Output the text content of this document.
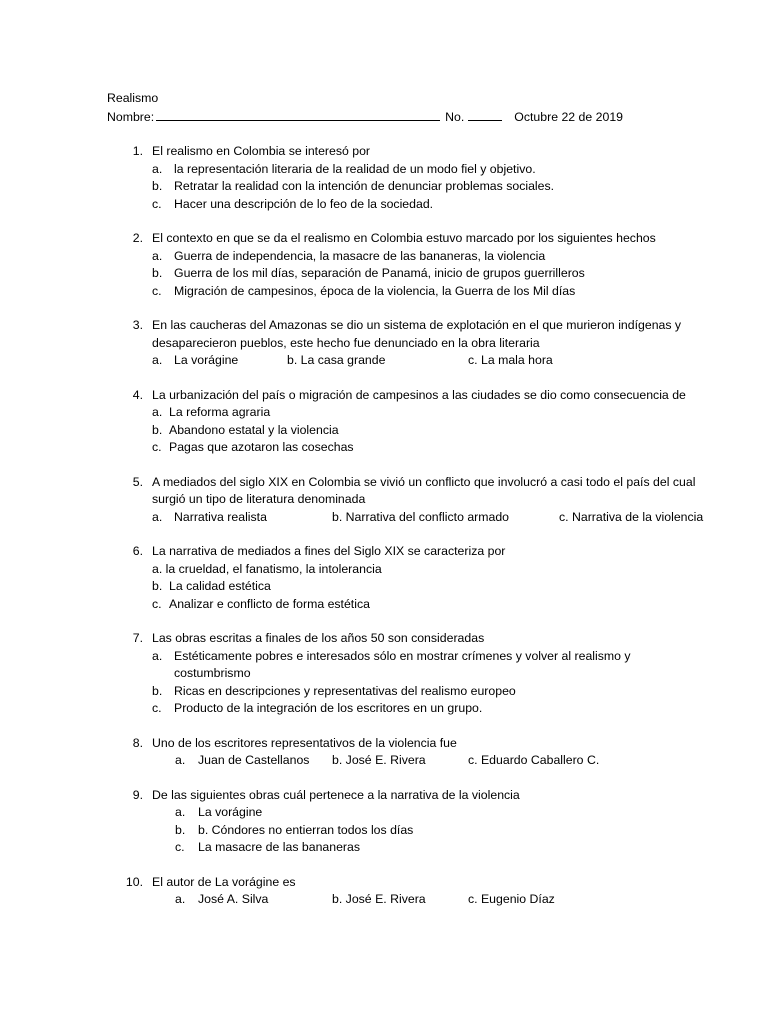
Realismo
Nombre:	No.	Octubre 22 de 2019
1. El realismo en Colombia se interesó por
a. la representación literaria de la realidad de un modo fiel y objetivo.
b. Retratar la realidad con la intención de denunciar problemas sociales.
c. Hacer una descripción de lo feo de la sociedad.
2. El contexto en que se da el realismo en Colombia estuvo marcado por los siguientes hechos
a. Guerra de independencia, la masacre de las bananeras, la violencia
b. Guerra de los mil días, separación de Panamá, inicio de grupos guerrilleros
c. Migración de campesinos, época de la violencia, la Guerra de los Mil días
3. En las caucheras del Amazonas se dio un sistema de explotación en el que murieron indígenas y
desaparecieron pueblos, este hecho fue denunciado en la obra literaria
a. La vorágine	b. La casa grande	c. La mala hora
4. La urbanización del país o migración de campesinos a las ciudades se dio como consecuencia de
a. La reforma agraria
b. Abandono estatal y la violencia
c. Pagas que azotaron las cosechas
5. A mediados del siglo XIX en Colombia se vivió un conflicto que involucró a casi todo el país del cual
surgió un tipo de literatura denominada
a. Narrativa realista	b. Narrativa del conflicto armado	c. Narrativa de la violencia
6. La narrativa de mediados a fines del Siglo XIX se caracteriza por
a. la crueldad, el fanatismo, la intolerancia
b. La calidad estética
c. Analizar e conflicto de forma estética
7. Las obras escritas a finales de los años 50 son consideradas
a. Estéticamente pobres e interesados sólo en mostrar crímenes y volver al realismo y
costumbrismo
b. Ricas en descripciones y representativas del realismo europeo
c. Producto de la integración de los escritores en un grupo.
8. Uno de los escritores representativos de la violencia fue
a. Juan de Castellanos b. José E. Rivera	c. Eduardo Caballero C.
9. De las siguientes obras cuál pertenece a la narrativa de la violencia
a. La vorágine
b. b. Cóndores no entierran todos los días
c. La masacre de las bananeras
10. El autor de La vorágine es
a. José A. Silva	b. José E. Rivera	c. Eugenio Díaz
